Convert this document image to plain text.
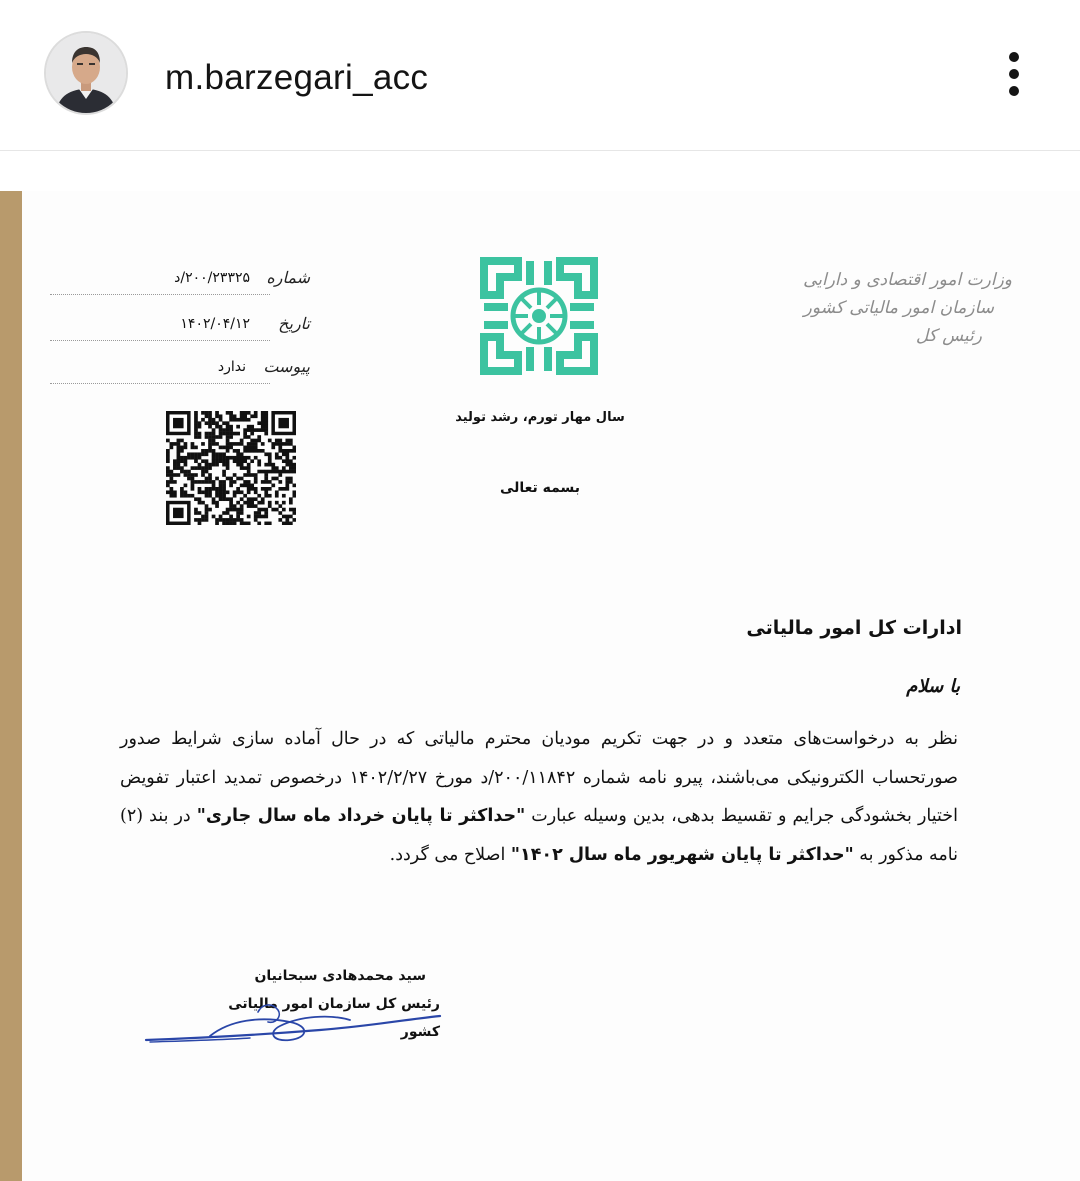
m.barzegari_acc
وزارت امور اقتصادی و دارایی
سازمان امور مالیاتی کشور
رئیس کل
شماره
۲۰۰/۲۳۳۲۵/د
تاریخ
۱۴۰۲/۰۴/۱۲
پیوست
ندارد
سال مهار تورم، رشد تولید
بسمه تعالی
ادارات کل امور مالیاتی
با سلام
نظر به درخواست‌های متعدد و در جهت تکریم مودیان محترم مالیاتی که در حال آماده سازی شرایط صدور صورتحساب الکترونیکی می‌باشند، پیرو نامه شماره ۲۰۰/۱۱۸۴۲/د مورخ ۱۴۰۲/۲/۲۷ درخصوص تمدید اعتبار تفویض اختیار بخشودگی جرایم و تقسیط بدهی، بدین وسیله عبارت "حداکثر تا پایان خرداد ماه سال جاری" در بند (۲) نامه مذکور به "حداکثر تا پایان شهریور ماه سال ۱۴۰۲" اصلاح می گردد.
سید محمدهادی سبحانیان
رئیس کل سازمان امور مالیاتی کشور
